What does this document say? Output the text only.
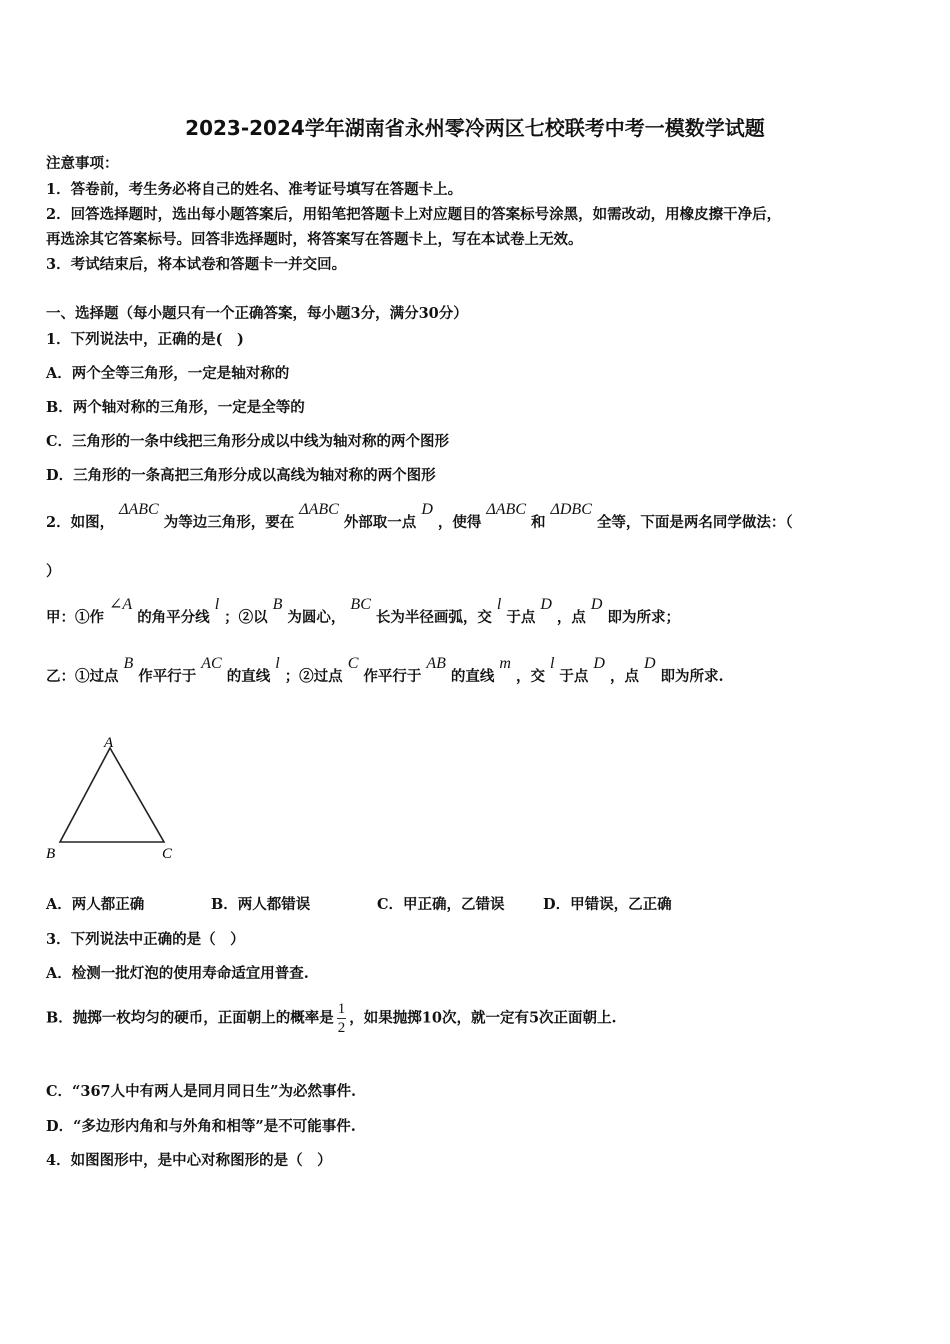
2023-2024学年湖南省永州零冷两区七校联考中考一模数学试题
注意事项：
1．答卷前，考生务必将自己的姓名、准考证号填写在答题卡上。
2．回答选择题时，选出每小题答案后，用铅笔把答题卡上对应题目的答案标号涂黑，如需改动，用橡皮擦干净后，
再选涂其它答案标号。回答非选择题时，将答案写在答题卡上，写在本试卷上无效。
3．考试结束后，将本试卷和答题卡一并交回。
一、选择题（每小题只有一个正确答案，每小题3分，满分30分）
1．下列说法中，正确的是(　)
A．两个全等三角形，一定是轴对称的
B．两个轴对称的三角形，一定是全等的
C．三角形的一条中线把三角形分成以中线为轴对称的两个图形
D．三角形的一条高把三角形分成以高线为轴对称的两个图形
2．如图，ΔABC为等边三角形，要在ΔABC外部取一点D，使得ΔABC和ΔDBC全等，下面是两名同学做法：（
）
甲：①作∠A的角平分线l；②以B为圆心，BC长为半径画弧，交l于点D，点D即为所求；
乙：①过点B作平行于AC的直线l；②过点C作平行于AB的直线m，交l于点D，点D即为所求.
A
B	C
A．两人都正确	B．两人都错误	C．甲正确，乙错误	D．甲错误，乙正确
3．下列说法中正确的是（　）
A．检测一批灯泡的使用寿命适宜用普查.
B．抛掷一枚均匀的硬币，正面朝上的概率是 $\frac{1}{2}$ ，如果抛掷10次，就一定有5次正面朝上.
C．“367人中有两人是同月同日生”为必然事件.
D．“多边形内角和与外角和相等”是不可能事件.
4．如图图形中，是中心对称图形的是（　）
